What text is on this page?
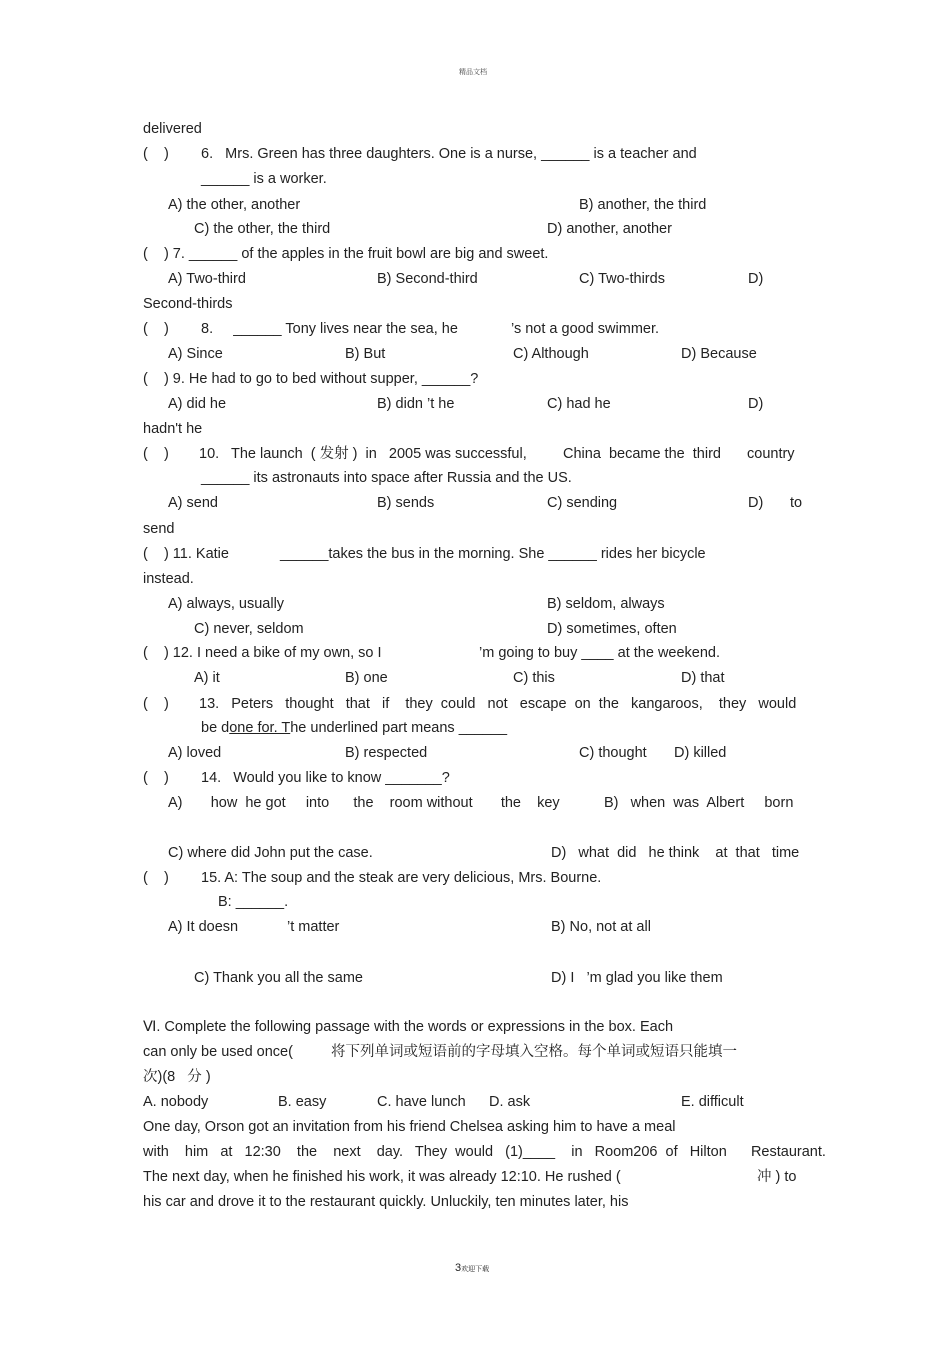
精品文档
delivered
(    )        6.   Mrs. Green has three daughters. One is a nurse, ______ is a teacher and
______ is a worker.
A) the other, another	B) another, the third
C) the other, the third	D) another, another
(    ) 7. ______ of the apples in the fruit bowl are big and sweet.
A) Two-third	B) Second-third	C) Two-thirds	D)
Second-thirds
(    )        8.     ______ Tony lives near the sea, he	’s not a good swimmer.
A) Since	B) But	C) Although	D) Because
(    ) 9. He had to go to bed without supper, ______?
A) did he	B) didn ’t he	C) had he	D)
hadn't he
(    ) 10.   The launch  ( 发射 )  in   2005 was successful,	China  became the  third country
______ its astronauts into space after Russia and the US.
A) send	B) sends	C) sending	D) to
send
(    ) 11. Katie	______takes the bus in the morning. She ______ rides her bicycle
instead.
A) always, usually	B) seldom, always
C) never, seldom	D) sometimes, often
(    ) 12. I need a bike of my own, so I	’m going to buy ____ at the weekend.
A) it	B) one	C) this	D) that
(    ) 13.   Peters   thought   that   if    they  could   not   escape  on  the   kangaroos,    they   would
be done for. The underlined part means ______
A) loved	B) respected	C) thought D) killed
(    ) 14.   Would you like to know _______?
A)       how  he got     into      the    room without       the    key	B)   when  was  Albert     born
C) where did John put the case.	D)   what  did   he think    at  that   time
(    ) 15. A: The soup and the steak are very delicious, Mrs. Bourne.
B: ______.
A) It doesn	’t matter	B) No, not at all
C) Thank you all the same	D) I   ’m glad you like them
Ⅵ. Complete the following passage with the words or expressions in the box. Each
can only be used once(	将下列单词或短语前的字母填入空格。每个单词或短语只能填一
次)(8   分 )
A. nobody	B. easy	C. have lunch D. ask	E. difficult
One day, Orson got an invitation from his friend Chelsea asking him to have a meal
with    him   at   12:30    the    next    day.   They  would   (1)____    in   Room206  of   Hilton      Restaurant.
The next day, when he finished his work, it was already 12:10. He rushed (	冲 ) to
his car and drove it to the restaurant quickly. Unluckily, ten minutes later, his
3欢迎下载
